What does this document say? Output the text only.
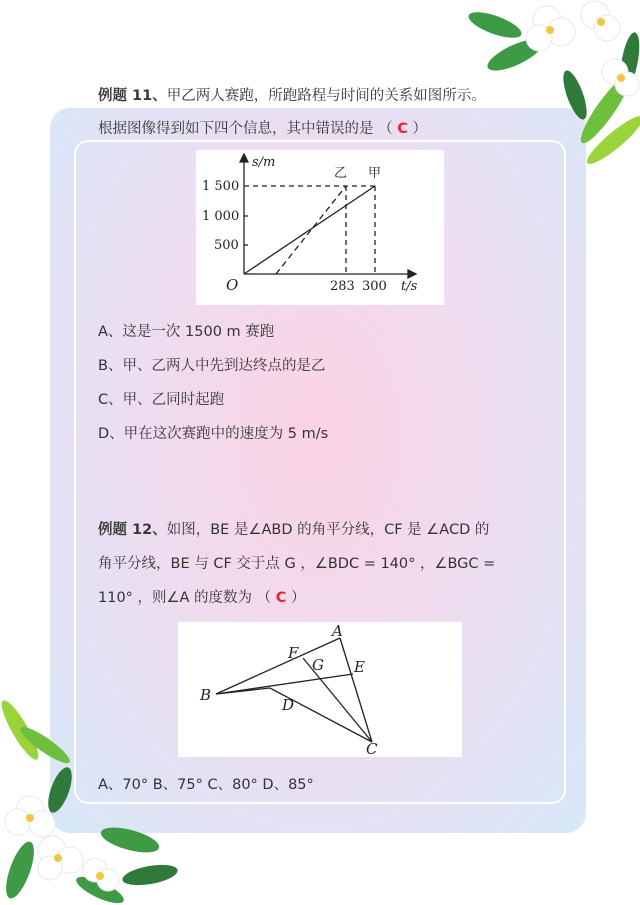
例题 11、甲乙两人赛跑，所跑路程与时间的关系如图所示。
根据图像得到如下四个信息，其中错误的是 （ C ）
s/m
t/s
O
1 500
1 000
500
283 300
乙 甲
A、这是一次 1500 m 赛跑
B、甲、乙两人中先到达终点的是乙
C、甲、乙同时起跑
D、甲在这次赛跑中的速度为 5 m/s
例题 12、如图，BE 是∠ABD 的角平分线，CF 是 ∠ACD 的
角平分线，BE 与 CF 交于点 G ，∠BDC = 140° ，∠BGC =
110° ，则∠A 的度数为 （ C ）
A
B
C
D
E
F
G
A、70° B、75° C、80° D、85°
